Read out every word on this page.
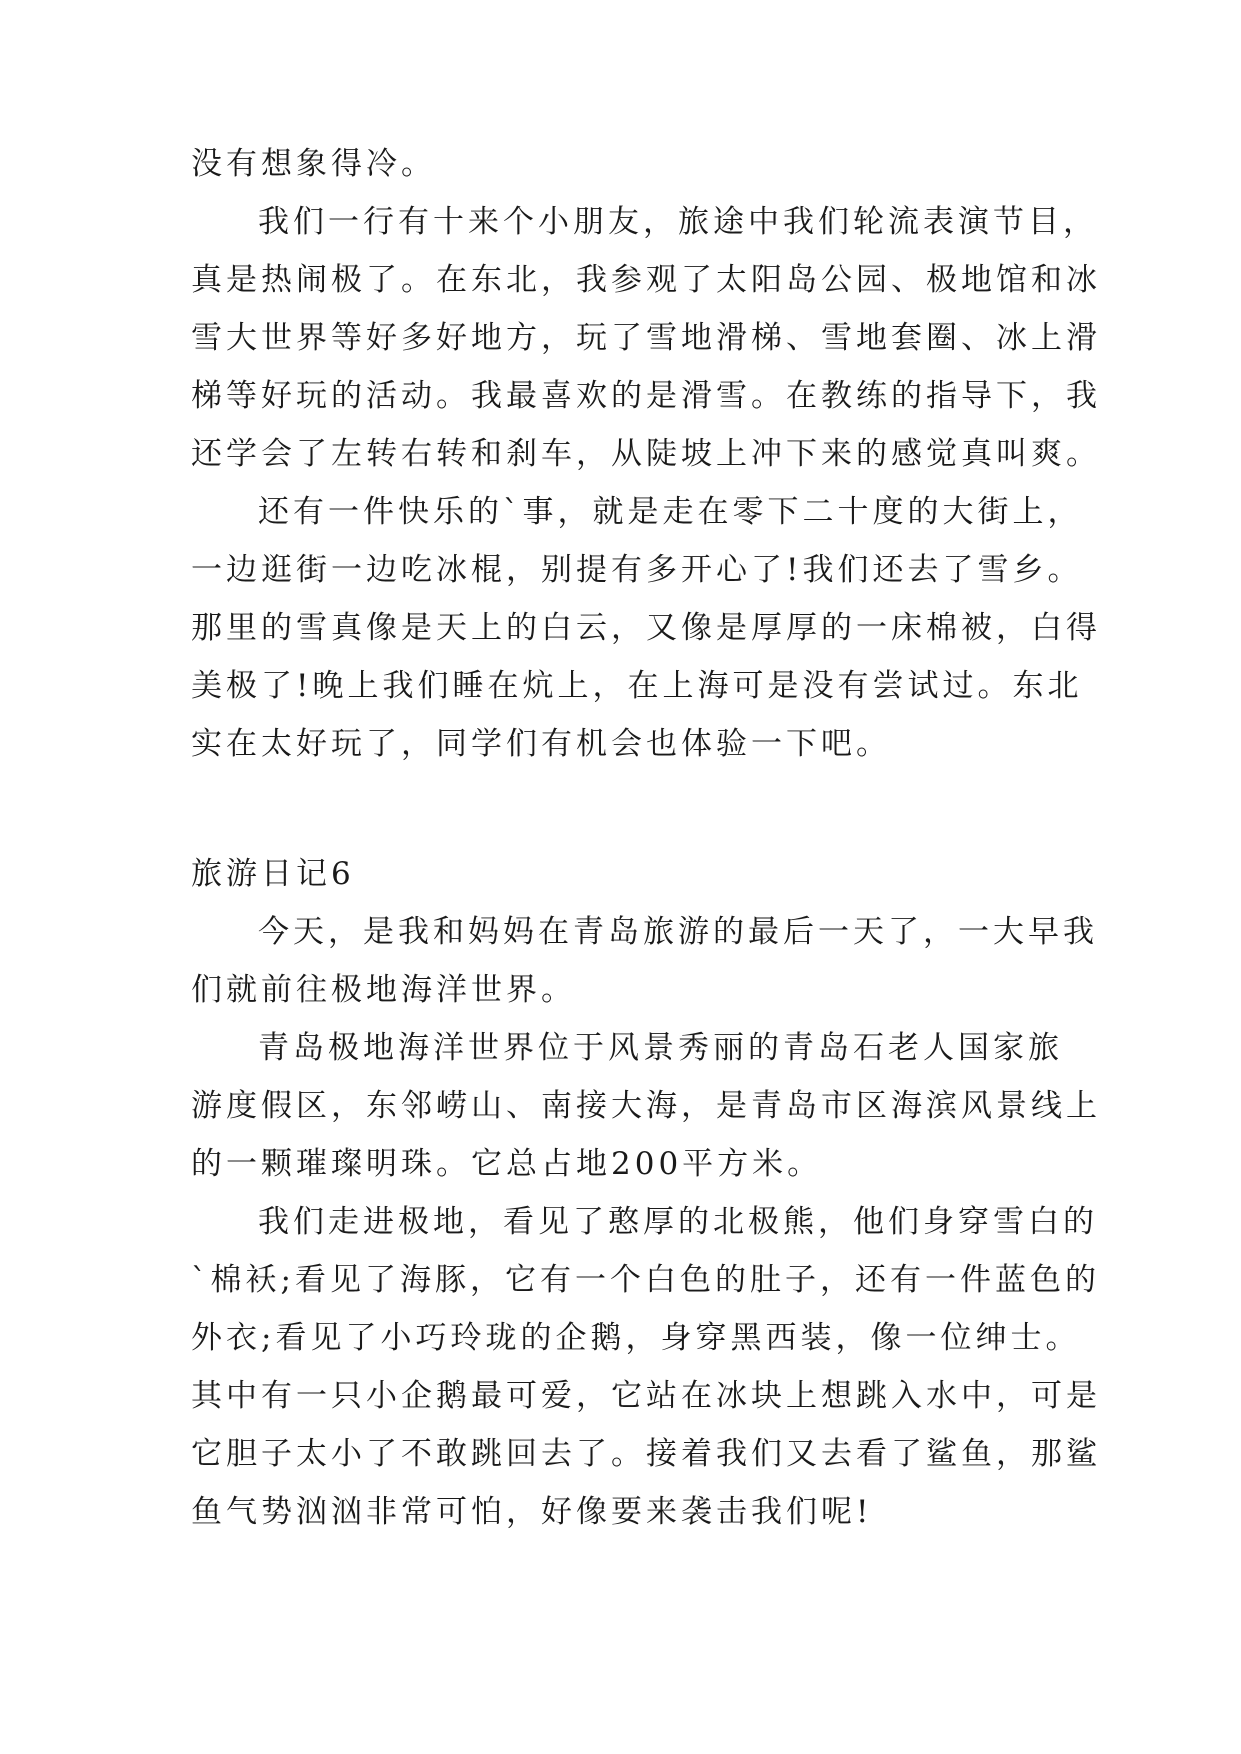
没有想象得冷。

我们一行有十来个小朋友，旅途中我们轮流表演节目，

真是热闹极了。在东北，我参观了太阳岛公园、极地馆和冰

雪大世界等好多好地方，玩了雪地滑梯、雪地套圈、冰上滑

梯等好玩的活动。我最喜欢的是滑雪。在教练的指导下，我

还学会了左转右转和刹车，从陡坡上冲下来的感觉真叫爽。

还有一件快乐的`事，就是走在零下二十度的大街上，

一边逛街一边吃冰棍，别提有多开心了!我们还去了雪乡。

那里的雪真像是天上的白云，又像是厚厚的一床棉被，白得

美极了!晚上我们睡在炕上，在上海可是没有尝试过。东北

实在太好玩了，同学们有机会也体验一下吧。

旅游日记6

今天，是我和妈妈在青岛旅游的最后一天了，一大早我

们就前往极地海洋世界。

青岛极地海洋世界位于风景秀丽的青岛石老人国家旅

游度假区，东邻崂山、南接大海，是青岛市区海滨风景线上

的一颗璀璨明珠。它总占地200平方米。

我们走进极地，看见了憨厚的北极熊，他们身穿雪白的

`棉袄;看见了海豚，它有一个白色的肚子，还有一件蓝色的

外衣;看见了小巧玲珑的企鹅，身穿黑西装，像一位绅士。

其中有一只小企鹅最可爱，它站在冰块上想跳入水中，可是

它胆子太小了不敢跳回去了。接着我们又去看了鲨鱼，那鲨

鱼气势汹汹非常可怕，好像要来袭击我们呢!
